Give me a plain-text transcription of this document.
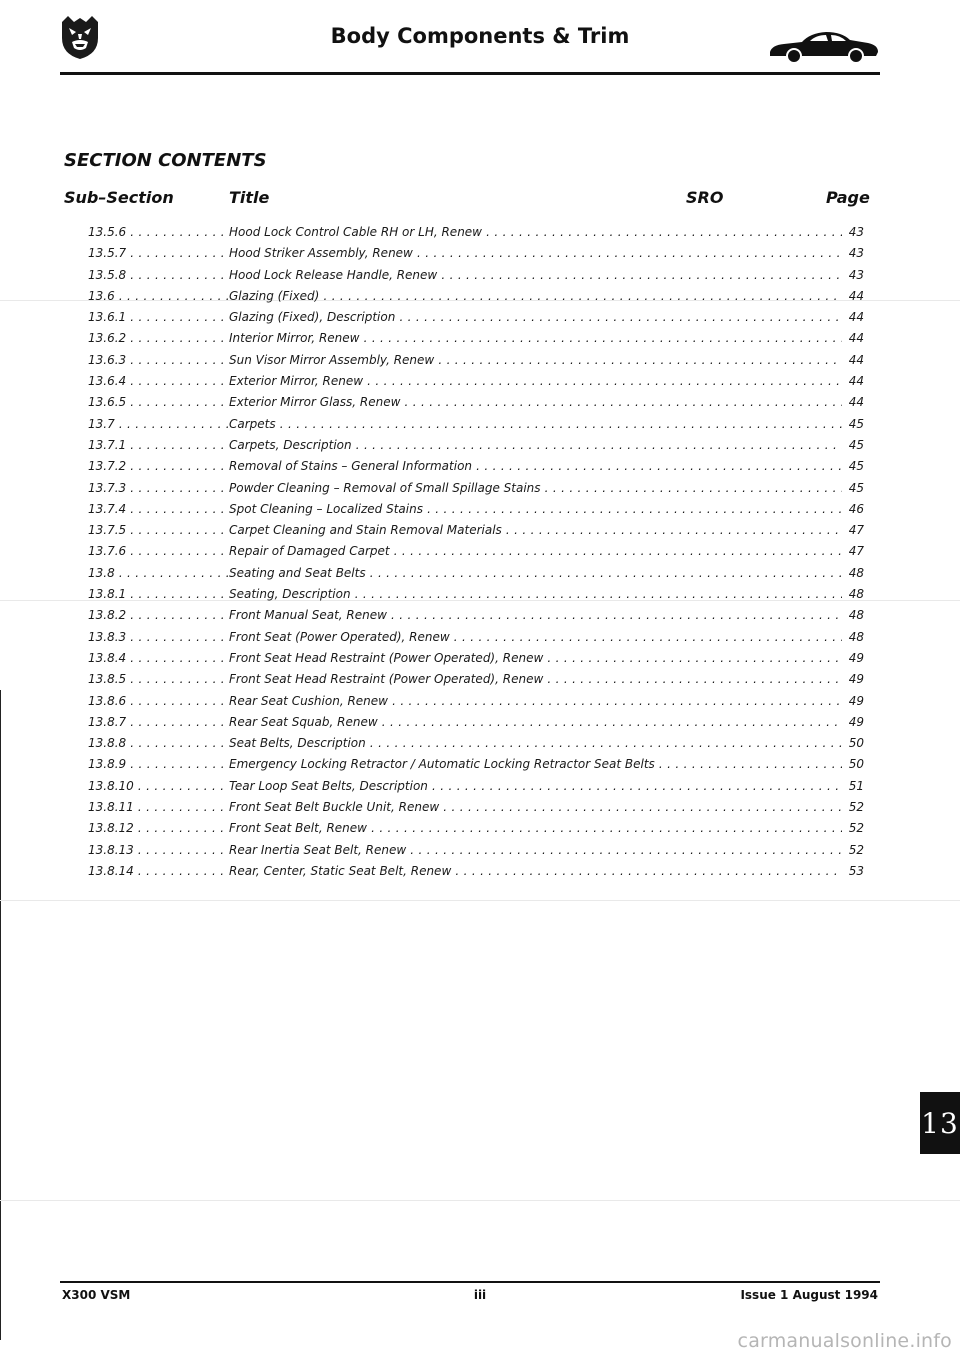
Body Components & Trim
SECTION CONTENTS
Sub–Section	Title	SRO	Page
13.5.6 . . .	Hood Lock Control Cable RH or LH, Renew . . .	43
13.5.7 . . .	Hood Striker Assembly, Renew . . .	43
13.5.8 . . .	Hood Lock Release Handle, Renew . . .	43
13.6 . . .	Glazing (Fixed) . . .	44
13.6.1 . . .	Glazing (Fixed), Description . . .	44
13.6.2 . . .	Interior Mirror, Renew . . .	44
13.6.3 . . .	Sun Visor Mirror Assembly, Renew . . .	44
13.6.4 . . .	Exterior Mirror, Renew . . .	44
13.6.5 . . .	Exterior Mirror Glass, Renew . . .	44
13.7 . . .	Carpets . . .	45
13.7.1 . . .	Carpets, Description . . .	45
13.7.2 . . .	Removal of Stains – General Information . . .	45
13.7.3 . . .	Powder Cleaning – Removal of Small Spillage Stains . . .	45
13.7.4 . . .	Spot Cleaning – Localized Stains . . .	46
13.7.5 . . .	Carpet Cleaning and Stain Removal Materials . . .	47
13.7.6 . . .	Repair of Damaged Carpet . . .	47
13.8 . . .	Seating and Seat Belts . . .	48
13.8.1 . . .	Seating, Description . . .	48
13.8.2 . . .	Front Manual Seat, Renew . . .	48
13.8.3 . . .	Front Seat (Power Operated), Renew . . .	48
13.8.4 . . .	Front Seat Head Restraint (Power Operated), Renew . . .	49
13.8.5 . . .	Front Seat Head Restraint (Power Operated), Renew . . .	49
13.8.6 . . .	Rear Seat Cushion, Renew . . .	49
13.8.7 . . .	Rear Seat Squab, Renew . . .	49
13.8.8 . . .	Seat Belts, Description . . .	50
13.8.9 . . .	Emergency Locking Retractor / Automatic Locking Retractor Seat Belts . . .	50
13.8.10 . . .	Tear Loop Seat Belts, Description . . .	51
13.8.11 . . .	Front Seat Belt Buckle Unit, Renew . . .	52
13.8.12 . . .	Front Seat Belt, Renew . . .	52
13.8.13 . . .	Rear Inertia Seat Belt, Renew . . .	52
13.8.14 . . .	Rear, Center, Static Seat Belt, Renew . . .	53
13
X300 VSM	iii	Issue 1 August 1994
carmanualsonline.info
